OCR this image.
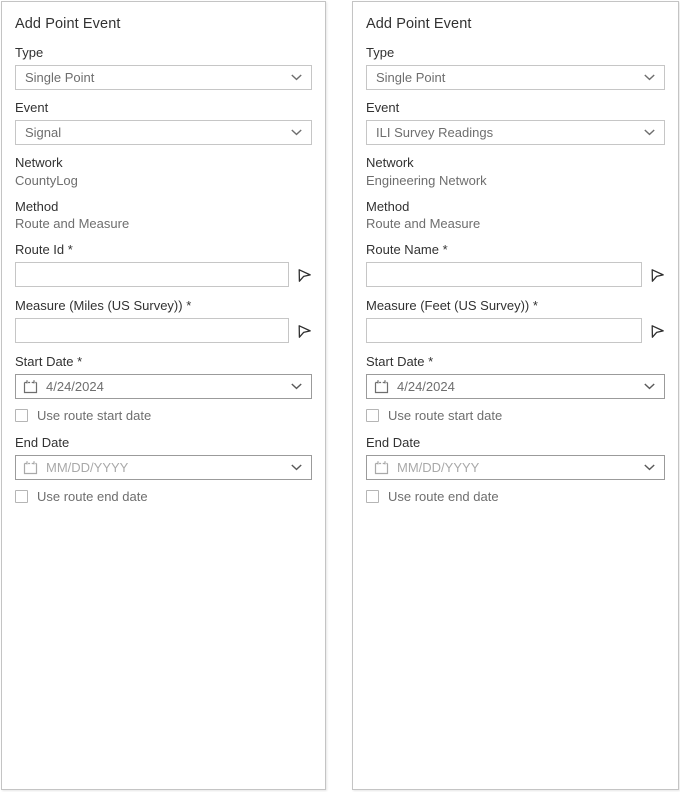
Add Point Event
Type
Single Point
Event
Signal
Network
CountyLog
Method
Route and Measure
Route Id *
Measure (Miles (US Survey)) *
Start Date *
4/24/2024
Use route start date
End Date
MM/DD/YYYY
Use route end date
Add Point Event
Type
Single Point
Event
ILI Survey Readings
Network
Engineering Network
Method
Route and Measure
Route Name *
Measure (Feet (US Survey)) *
Start Date *
4/24/2024
Use route start date
End Date
MM/DD/YYYY
Use route end date
